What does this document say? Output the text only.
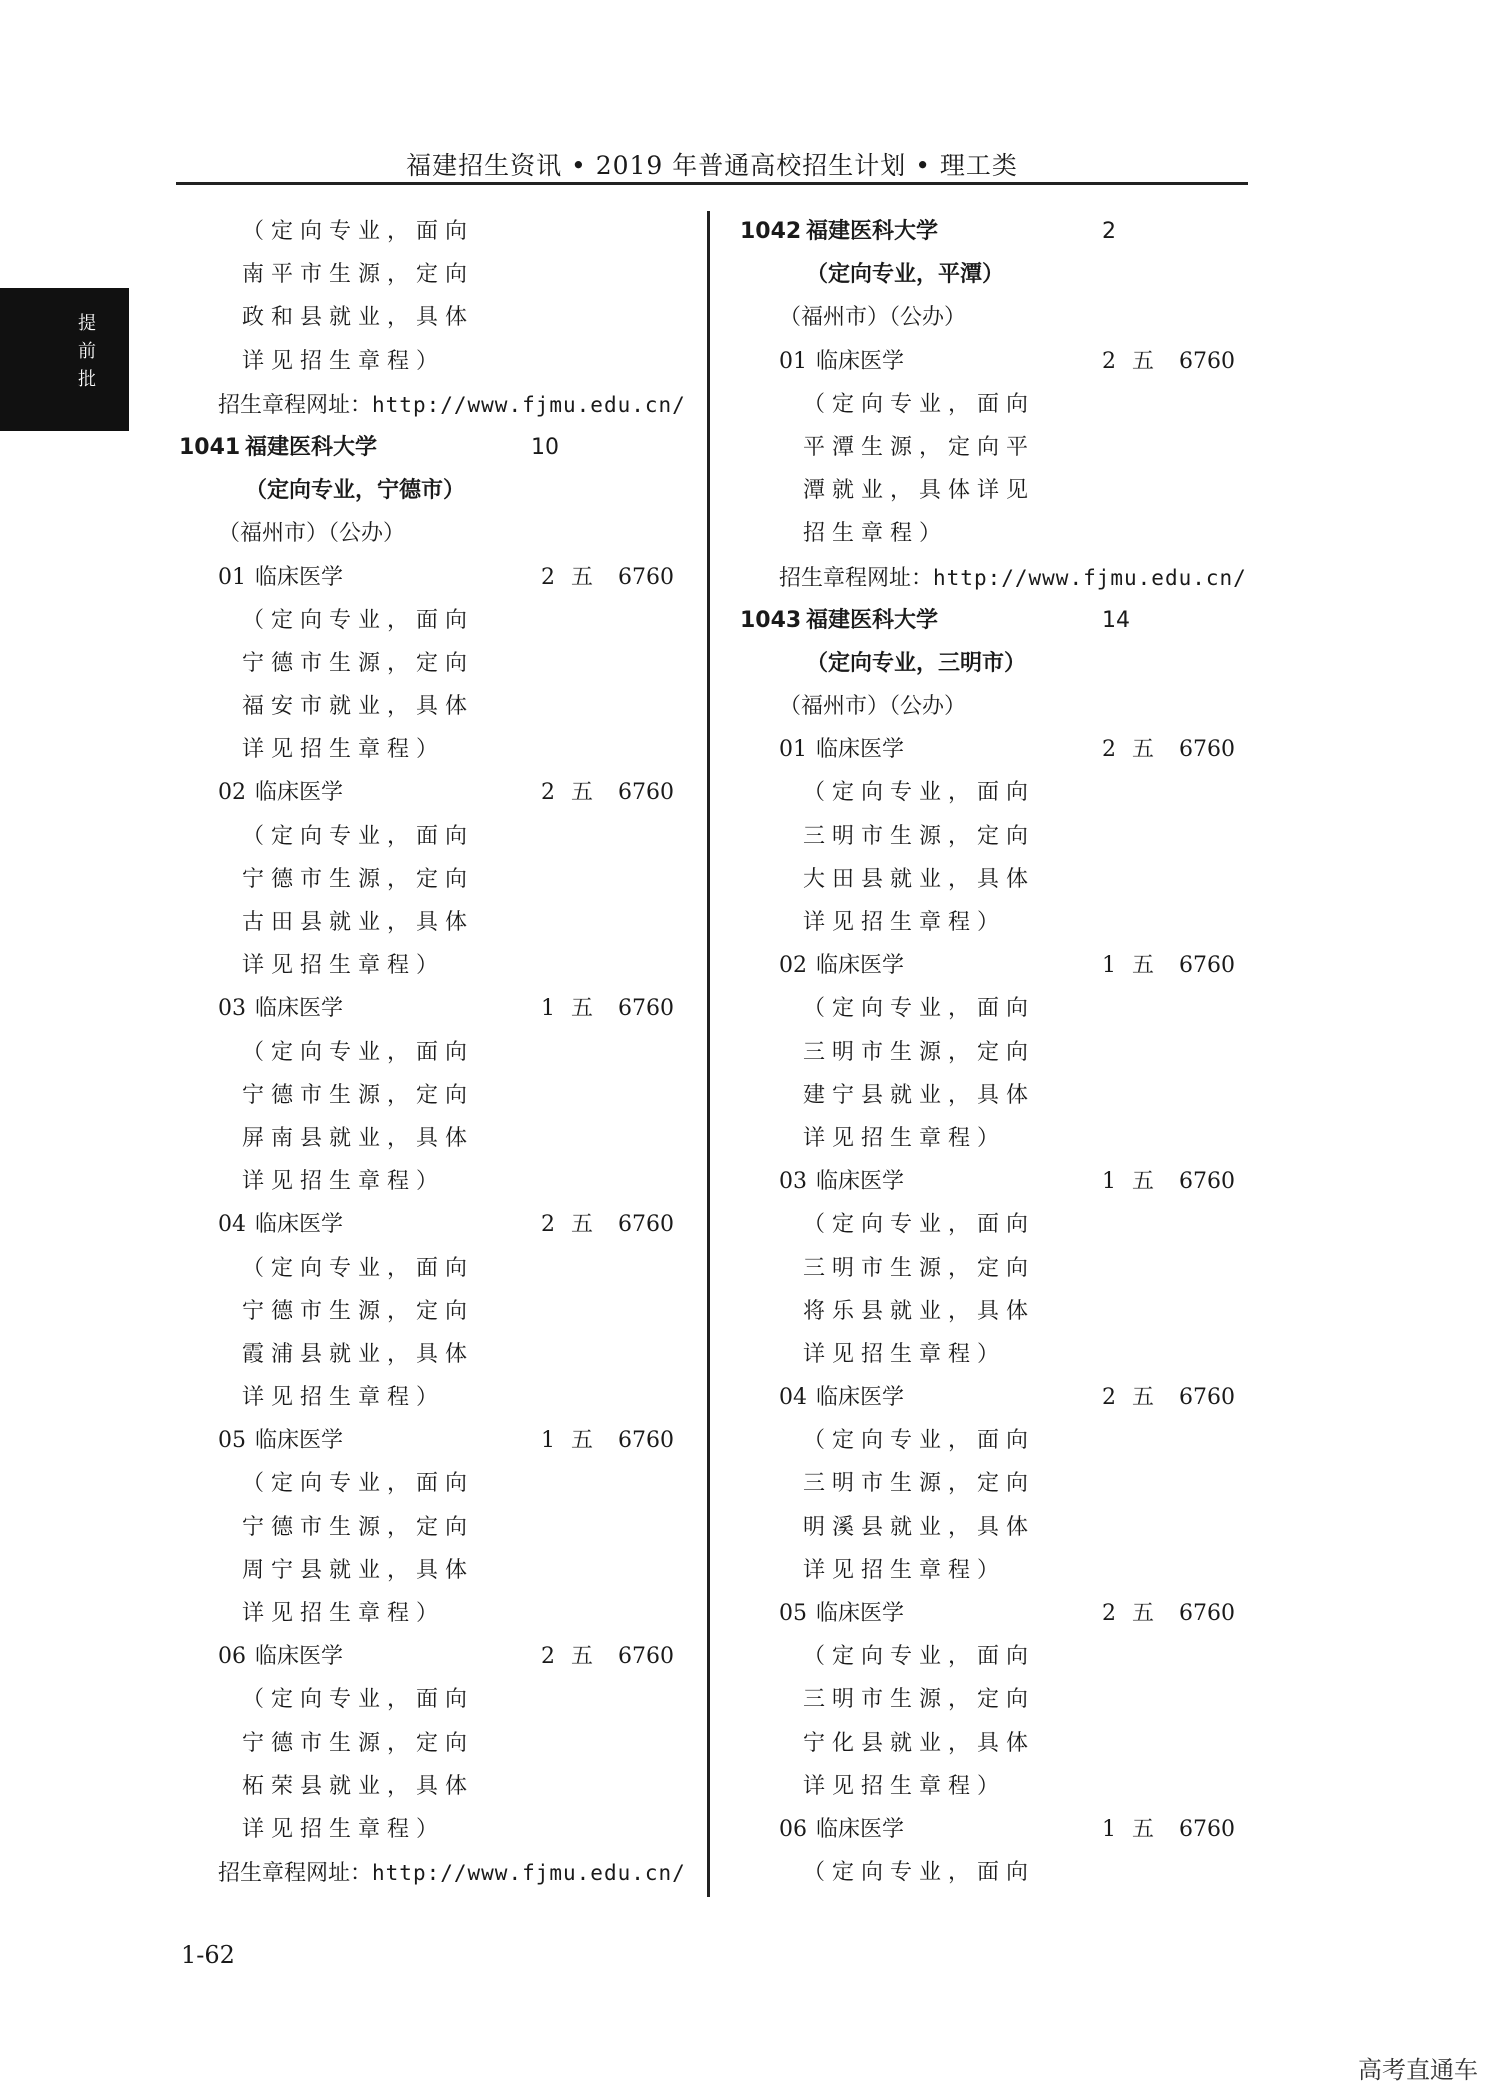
福建招生资讯 • 2019 年普通高校招生计划 • 理工类
提前批
（定向专业，面向
南平市生源，定向
政和县就业，具体
详见招生章程）
招生章程网址：http://www.fjmu.edu.cn/
1041 福建医科大学	10
（定向专业，宁德市）
（福州市）（公办）
01 临床医学	2 五 6760
（定向专业，面向
宁德市生源，定向
福安市就业，具体
详见招生章程）
02 临床医学	2 五 6760
（定向专业，面向
宁德市生源，定向
古田县就业，具体
详见招生章程）
03 临床医学	1 五 6760
（定向专业，面向
宁德市生源，定向
屏南县就业，具体
详见招生章程）
04 临床医学	2 五 6760
（定向专业，面向
宁德市生源，定向
霞浦县就业，具体
详见招生章程）
05 临床医学	1 五 6760
（定向专业，面向
宁德市生源，定向
周宁县就业，具体
详见招生章程）
06 临床医学	2 五 6760
（定向专业，面向
宁德市生源，定向
柘荣县就业，具体
详见招生章程）
招生章程网址：http://www.fjmu.edu.cn/
1042 福建医科大学	2
（定向专业，平潭）
（福州市）（公办）
01 临床医学	2 五 6760
（定向专业，面向
平潭生源，定向平
潭就业，具体详见
招生章程）
招生章程网址：http://www.fjmu.edu.cn/
1043 福建医科大学	14
（定向专业，三明市）
（福州市）（公办）
01 临床医学	2 五 6760
（定向专业，面向
三明市生源，定向
大田县就业，具体
详见招生章程）
02 临床医学	1 五 6760
（定向专业，面向
三明市生源，定向
建宁县就业，具体
详见招生章程）
03 临床医学	1 五 6760
（定向专业，面向
三明市生源，定向
将乐县就业，具体
详见招生章程）
04 临床医学	2 五 6760
（定向专业，面向
三明市生源，定向
明溪县就业，具体
详见招生章程）
05 临床医学	2 五 6760
（定向专业，面向
三明市生源，定向
宁化县就业，具体
详见招生章程）
06 临床医学	1 五 6760
（定向专业，面向
1-62
高考直通车
